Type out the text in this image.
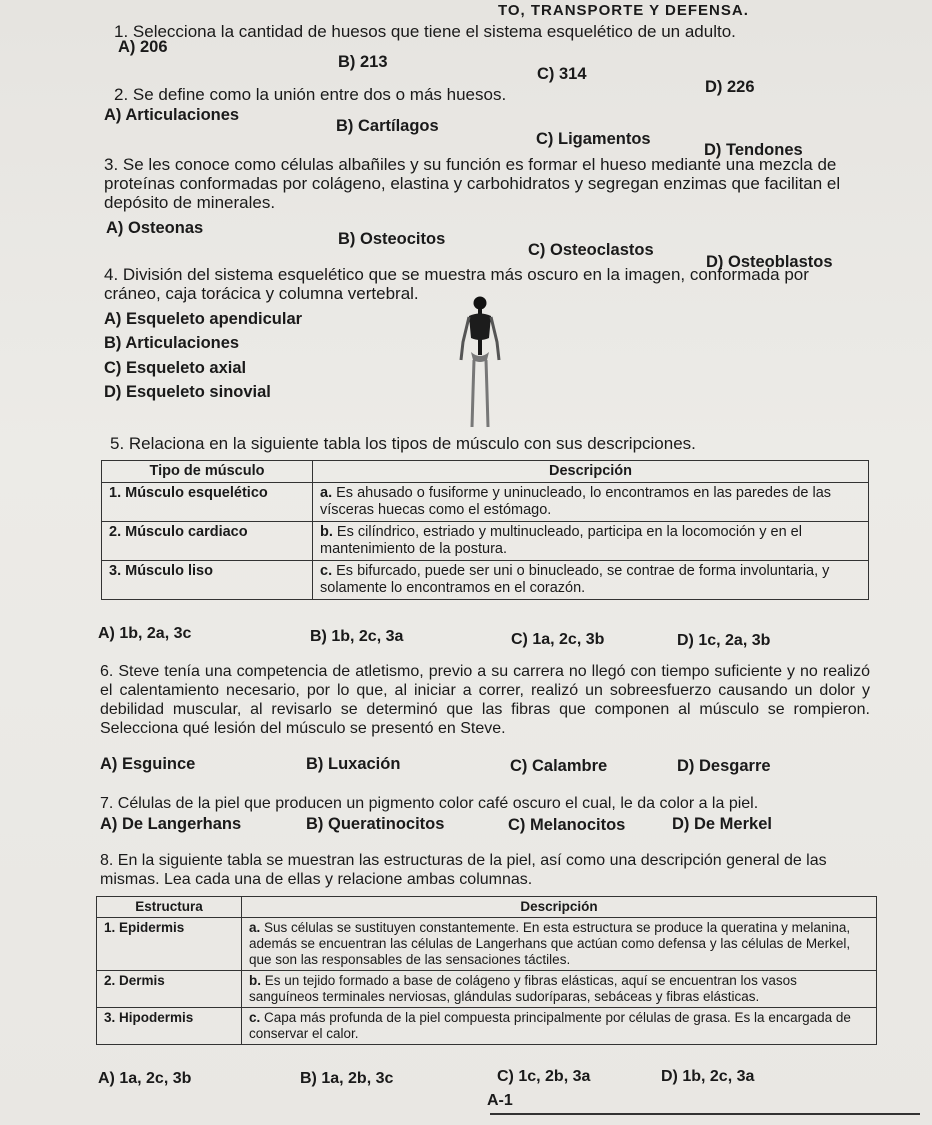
TO, TRANSPORTE Y DEFENSA.
1. Selecciona la cantidad de huesos que tiene el sistema esquelético de un adulto.
A) 206
B) 213
C) 314
D) 226
2. Se define como la unión entre dos o más huesos.
A) Articulaciones
B) Cartílagos
C) Ligamentos
D) Tendones
3. Se les conoce como células albañiles y su función es formar el hueso mediante una mezcla de proteínas conformadas por colágeno, elastina y carbohidratos y segregan enzimas que facilitan el depósito de minerales.
A) Osteonas
B) Osteocitos
C) Osteoclastos
D) Osteoblastos
4. División del sistema esquelético que se muestra más oscuro en la imagen, conformada por cráneo, caja torácica y columna vertebral.
A) Esqueleto apendicular
B) Articulaciones
C) Esqueleto axial
D) Esqueleto sinovial
5. Relaciona en la siguiente tabla los tipos de músculo con sus descripciones.
Tipo de músculo	Descripción
1. Músculo esquelético	a. Es ahusado o fusiforme y uninucleado, lo encontramos en las paredes de las vísceras huecas como el estómago.
2. Músculo cardiaco	b. Es cilíndrico, estriado y multinucleado, participa en la locomoción y en el mantenimiento de la postura.
3. Músculo liso	c. Es bifurcado, puede ser uni o binucleado, se contrae de forma involuntaria, y solamente lo encontramos en el corazón.
A) 1b, 2a, 3c	B) 1b, 2c, 3a	C) 1a, 2c, 3b	D) 1c, 2a, 3b
6. Steve tenía una competencia de atletismo, previo a su carrera no llegó con tiempo suficiente y no realizó el calentamiento necesario, por lo que, al iniciar a correr, realizó un sobreesfuerzo causando un dolor y debilidad muscular, al revisarlo se determinó que las fibras que componen al músculo se rompieron. Selecciona qué lesión del músculo se presentó en Steve.
A) Esguince	B) Luxación	C) Calambre	D) Desgarre
7. Células de la piel que producen un pigmento color café oscuro el cual, le da color a la piel.
A) De Langerhans	B) Queratinocitos	C) Melanocitos	D) De Merkel
8. En la siguiente tabla se muestran las estructuras de la piel, así como una descripción general de las mismas. Lea cada una de ellas y relacione ambas columnas.
Estructura	Descripción
1. Epidermis	a. Sus células se sustituyen constantemente. En esta estructura se produce la queratina y melanina, además se encuentran las células de Langerhans que actúan como defensa y las células de Merkel, que son las responsables de las sensaciones táctiles.
2. Dermis	b. Es un tejido formado a base de colágeno y fibras elásticas, aquí se encuentran los vasos sanguíneos terminales nerviosas, glándulas sudoríparas, sebáceas y fibras elásticas.
3. Hipodermis	c. Capa más profunda de la piel compuesta principalmente por células de grasa. Es la encargada de conservar el calor.
A) 1a, 2c, 3b	B) 1a, 2b, 3c	C) 1c, 2b, 3a	D) 1b, 2c, 3a
A-1
